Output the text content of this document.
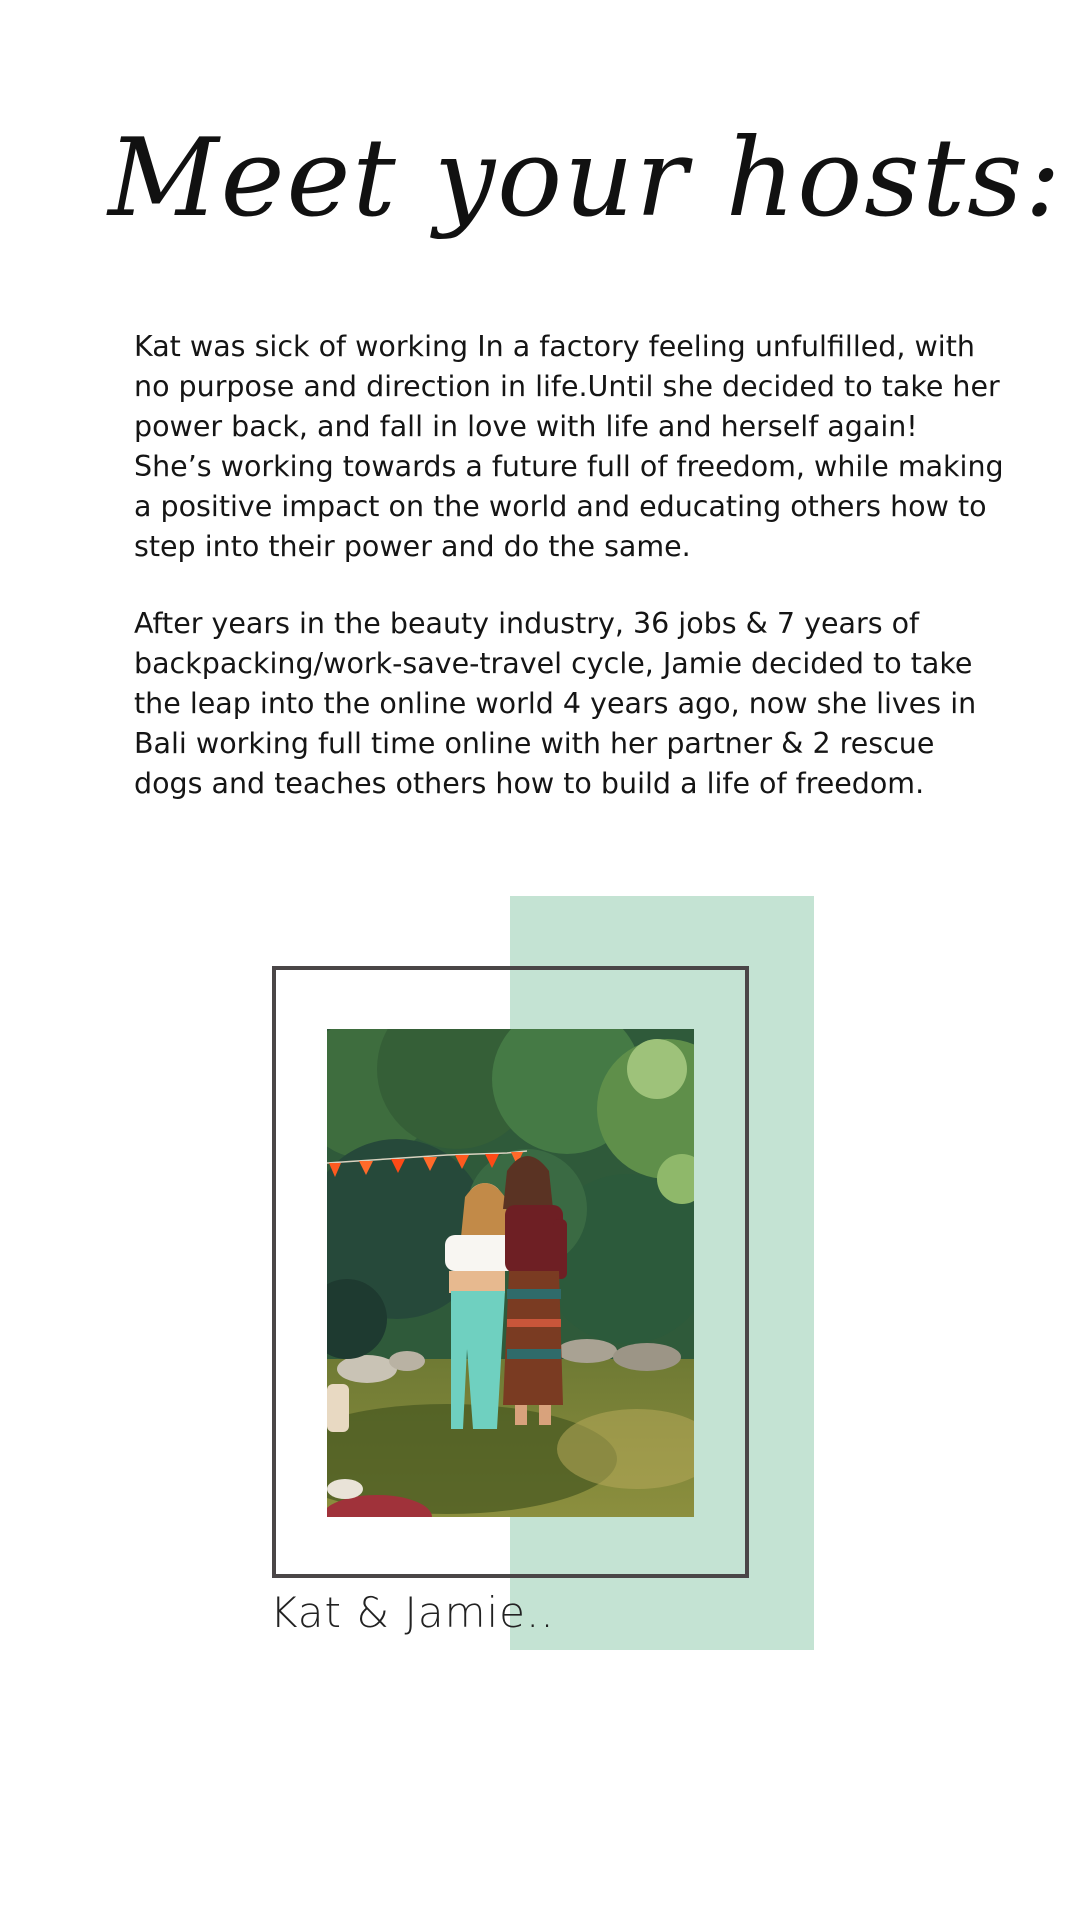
Meet your hosts:

Kat was sick of working In a factory feeling unfulfilled, with no purpose and direction in life.Until she decided to take her power back, and fall in love with life and herself again! She’s working towards a future full of freedom, while making a positive impact on the world and educating others how to step into their power and do the same.

After years in the beauty industry, 36 jobs & 7 years of backpacking/work-save-travel cycle, Jamie decided to take the leap into the online world 4 years ago, now she lives in Bali working full time online with her partner & 2 rescue dogs and teaches others how to build a life of freedom.

Kat & Jamie..
